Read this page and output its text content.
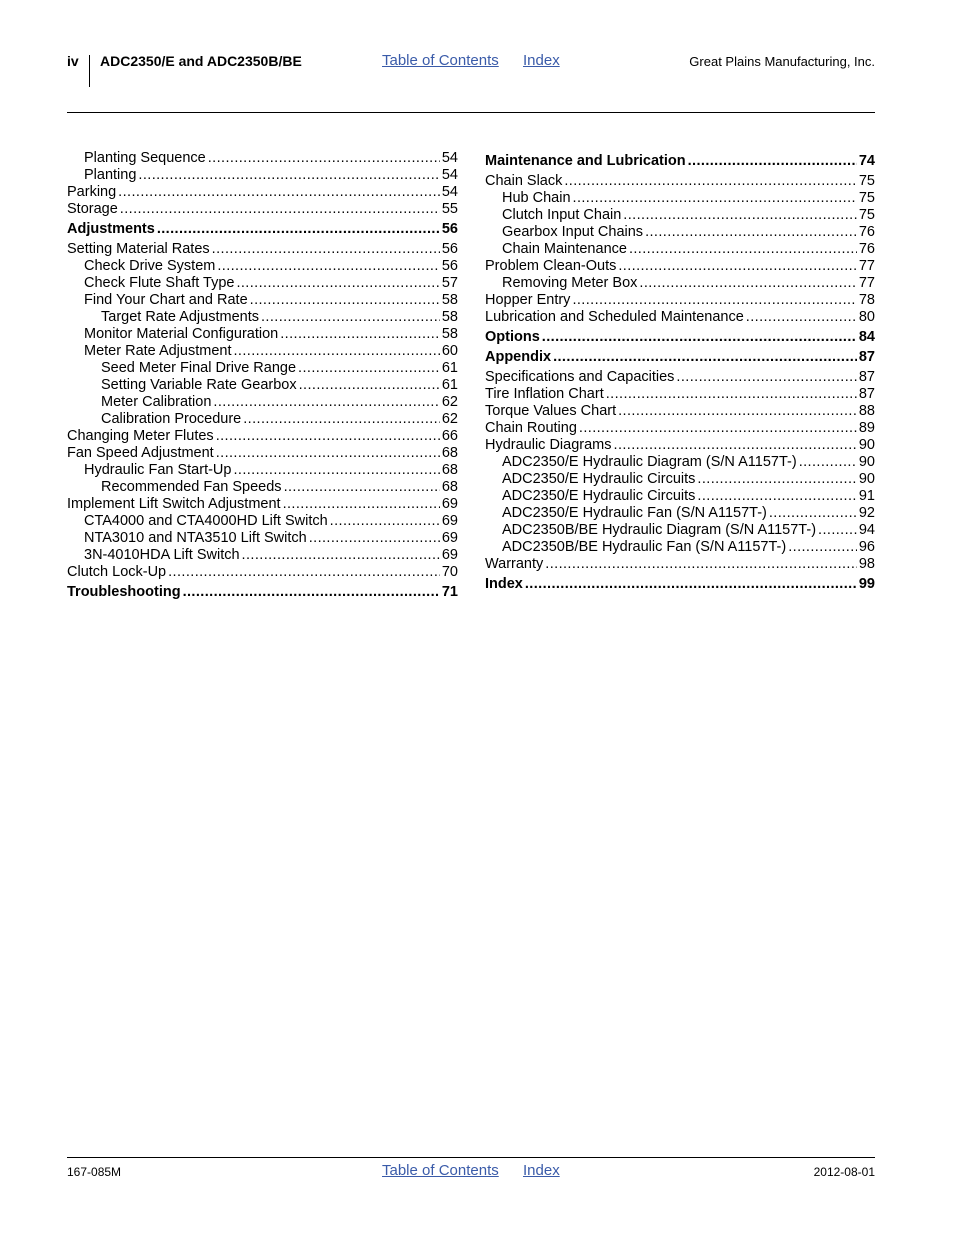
iv ADC2350/E and ADC2350B/BE	Table of Contents Index	Great Plains Manufacturing, Inc.
Planting Sequence .....	54
Planting .....	54
Parking .....	54
Storage .....	55
Adjustments .....	56
Setting Material Rates .....	56
Check Drive System .....	56
Check Flute Shaft Type .....	57
Find Your Chart and Rate .....	58
Target Rate Adjustments .....	58
Monitor Material Configuration .....	58
Meter Rate Adjustment .....	60
Seed Meter Final Drive Range .....	61
Setting Variable Rate Gearbox .....	61
Meter Calibration .....	62
Calibration Procedure .....	62
Changing Meter Flutes .....	66
Fan Speed Adjustment .....	68
Hydraulic Fan Start-Up .....	68
Recommended Fan Speeds .....	68
Implement Lift Switch Adjustment .....	69
CTA4000 and CTA4000HD Lift Switch .....	69
NTA3010 and NTA3510 Lift Switch .....	69
3N-4010HDA Lift Switch .....	69
Clutch Lock-Up .....	70
Troubleshooting .....	71
Maintenance and Lubrication .....	74
Chain Slack .....	75
Hub Chain .....	75
Clutch Input Chain .....	75
Gearbox Input Chains .....	76
Chain Maintenance .....	76
Problem Clean-Outs .....	77
Removing Meter Box .....	77
Hopper Entry .....	78
Lubrication and Scheduled Maintenance .....	80
Options .....	84
Appendix .....	87
Specifications and Capacities .....	87
Tire Inflation Chart .....	87
Torque Values Chart .....	88
Chain Routing .....	89
Hydraulic Diagrams .....	90
ADC2350/E Hydraulic Diagram (S/N A1157T-) .....	90
ADC2350/E Hydraulic Circuits .....	90
ADC2350/E Hydraulic Circuits .....	91
ADC2350/E Hydraulic Fan (S/N A1157T-) .....	92
ADC2350B/BE Hydraulic Diagram (S/N A1157T-) .....	94
ADC2350B/BE Hydraulic Fan (S/N A1157T-) .....	96
Warranty .....	98
Index .....	99
167-085M	Table of Contents Index	2012-08-01
